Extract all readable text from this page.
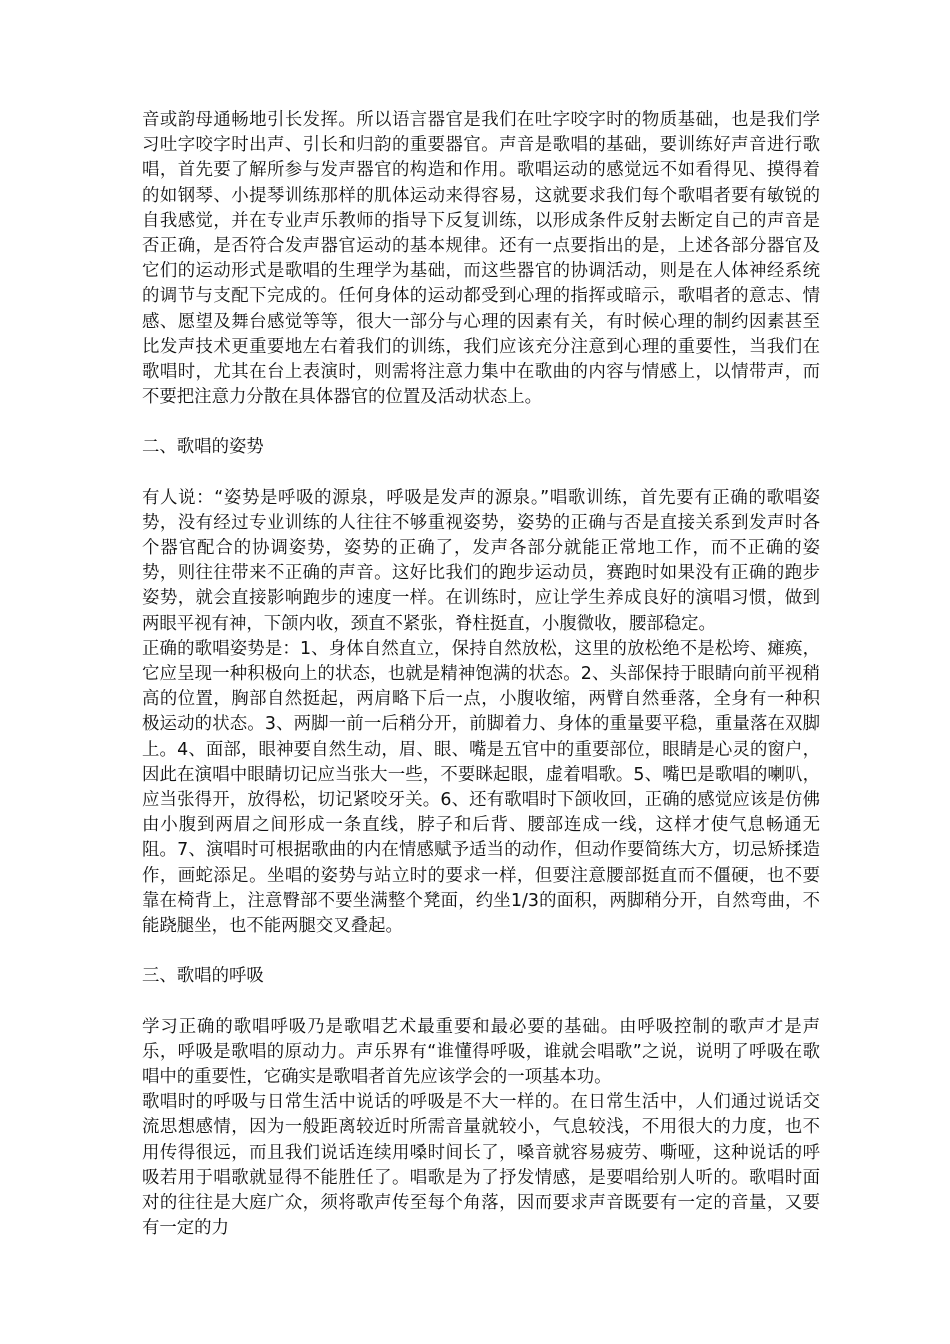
音或韵母通畅地引长发挥。所以语言器官是我们在吐字咬字时的物质基础，也是我们学习吐字咬字时出声、引长和归韵的重要器官。声音是歌唱的基础，要训练好声音进行歌唱，首先要了解所参与发声器官的构造和作用。歌唱运动的感觉远不如看得见、摸得着的如钢琴、小提琴训练那样的肌体运动来得容易，这就要求我们每个歌唱者要有敏锐的自我感觉，并在专业声乐教师的指导下反复训练，以形成条件反射去断定自己的声音是否正确，是否符合发声器官运动的基本规律。还有一点要指出的是，上述各部分器官及它们的运动形式是歌唱的生理学为基础，而这些器官的协调活动，则是在人体神经系统的调节与支配下完成的。任何身体的运动都受到心理的指挥或暗示，歌唱者的意志、情感、愿望及舞台感觉等等，很大一部分与心理的因素有关，有时候心理的制约因素甚至比发声技术更重要地左右着我们的训练，我们应该充分注意到心理的重要性，当我们在歌唱时，尤其在台上表演时，则需将注意力集中在歌曲的内容与情感上，以情带声，而不要把注意力分散在具体器官的位置及活动状态上。

二、歌唱的姿势

有人说：“姿势是呼吸的源泉，呼吸是发声的源泉。”唱歌训练，首先要有正确的歌唱姿势，没有经过专业训练的人往往不够重视姿势，姿势的正确与否是直接关系到发声时各个器官配合的协调姿势，姿势的正确了，发声各部分就能正常地工作，而不正确的姿势，则往往带来不正确的声音。这好比我们的跑步运动员，赛跑时如果没有正确的跑步姿势，就会直接影响跑步的速度一样。在训练时，应让学生养成良好的演唱习惯，做到两眼平视有神，下颌内收，颈直不紧张，脊柱挺直，小腹微收，腰部稳定。

正确的歌唱姿势是：1、身体自然直立，保持自然放松，这里的放松绝不是松垮、瘫痪，它应呈现一种积极向上的状态，也就是精神饱满的状态。2、头部保持于眼睛向前平视稍高的位置，胸部自然挺起，两肩略下后一点，小腹收缩，两臂自然垂落，全身有一种积极运动的状态。3、两脚一前一后稍分开，前脚着力、身体的重量要平稳，重量落在双脚上。4、面部，眼神要自然生动，眉、眼、嘴是五官中的重要部位，眼睛是心灵的窗户，因此在演唱中眼睛切记应当张大一些，不要眯起眼，虚着唱歌。5、嘴巴是歌唱的喇叭，应当张得开，放得松，切记紧咬牙关。6、还有歌唱时下颌收回，正确的感觉应该是仿佛由小腹到两眉之间形成一条直线，脖子和后背、腰部连成一线，这样才使气息畅通无阻。7、演唱时可根据歌曲的内在情感赋予适当的动作，但动作要简练大方，切忌矫揉造作，画蛇添足。坐唱的姿势与站立时的要求一样，但要注意腰部挺直而不僵硬，也不要靠在椅背上，注意臀部不要坐满整个凳面，约坐1/3的面积，两脚稍分开，自然弯曲，不能跷腿坐，也不能两腿交叉叠起。

三、歌唱的呼吸

学习正确的歌唱呼吸乃是歌唱艺术最重要和最必要的基础。由呼吸控制的歌声才是声乐，呼吸是歌唱的原动力。声乐界有“谁懂得呼吸，谁就会唱歌”之说，说明了呼吸在歌唱中的重要性，它确实是歌唱者首先应该学会的一项基本功。

歌唱时的呼吸与日常生活中说话的呼吸是不大一样的。在日常生活中，人们通过说话交流思想感情，因为一般距离较近时所需音量就较小，气息较浅，不用很大的力度，也不用传得很远，而且我们说话连续用嗓时间长了，嗓音就容易疲劳、嘶哑，这种说话的呼吸若用于唱歌就显得不能胜任了。唱歌是为了抒发情感，是要唱给别人听的。歌唱时面对的往往是大庭广众，须将歌声传至每个角落，因而要求声音既要有一定的音量，又要有一定的力
